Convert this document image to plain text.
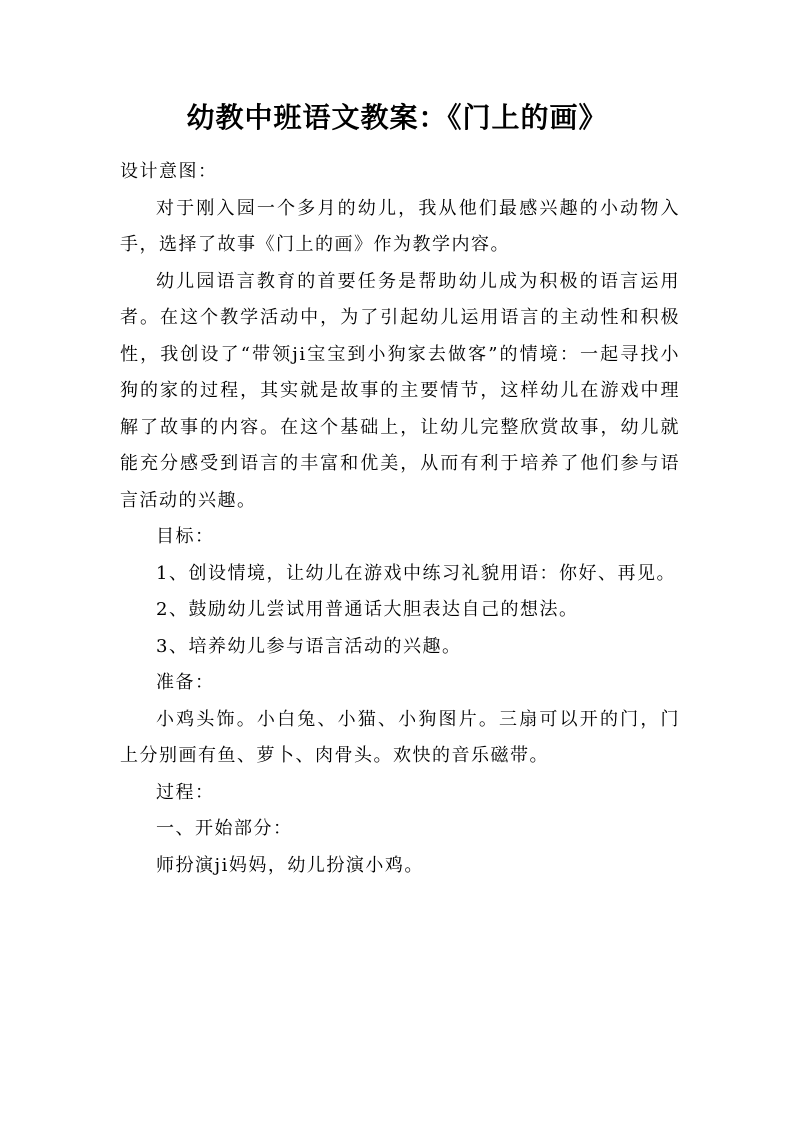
幼教中班语文教案：《门上的画》

设计意图：

对于刚入园一个多月的幼儿，我从他们最感兴趣的小动物入手，选择了故事《门上的画》作为教学内容。

幼儿园语言教育的首要任务是帮助幼儿成为积极的语言运用者。在这个教学活动中，为了引起幼儿运用语言的主动性和积极性，我创设了“带领ji宝宝到小狗家去做客”的情境：一起寻找小狗的家的过程，其实就是故事的主要情节，这样幼儿在游戏中理解了故事的内容。在这个基础上，让幼儿完整欣赏故事，幼儿就能充分感受到语言的丰富和优美，从而有利于培养了他们参与语言活动的兴趣。

目标：

1、创设情境，让幼儿在游戏中练习礼貌用语：你好、再见。

2、鼓励幼儿尝试用普通话大胆表达自己的想法。

3、培养幼儿参与语言活动的兴趣。

准备：

小鸡头饰。小白兔、小猫、小狗图片。三扇可以开的门，门上分别画有鱼、萝卜、肉骨头。欢快的音乐磁带。

过程：

一、开始部分：

师扮演ji妈妈，幼儿扮演小鸡。
